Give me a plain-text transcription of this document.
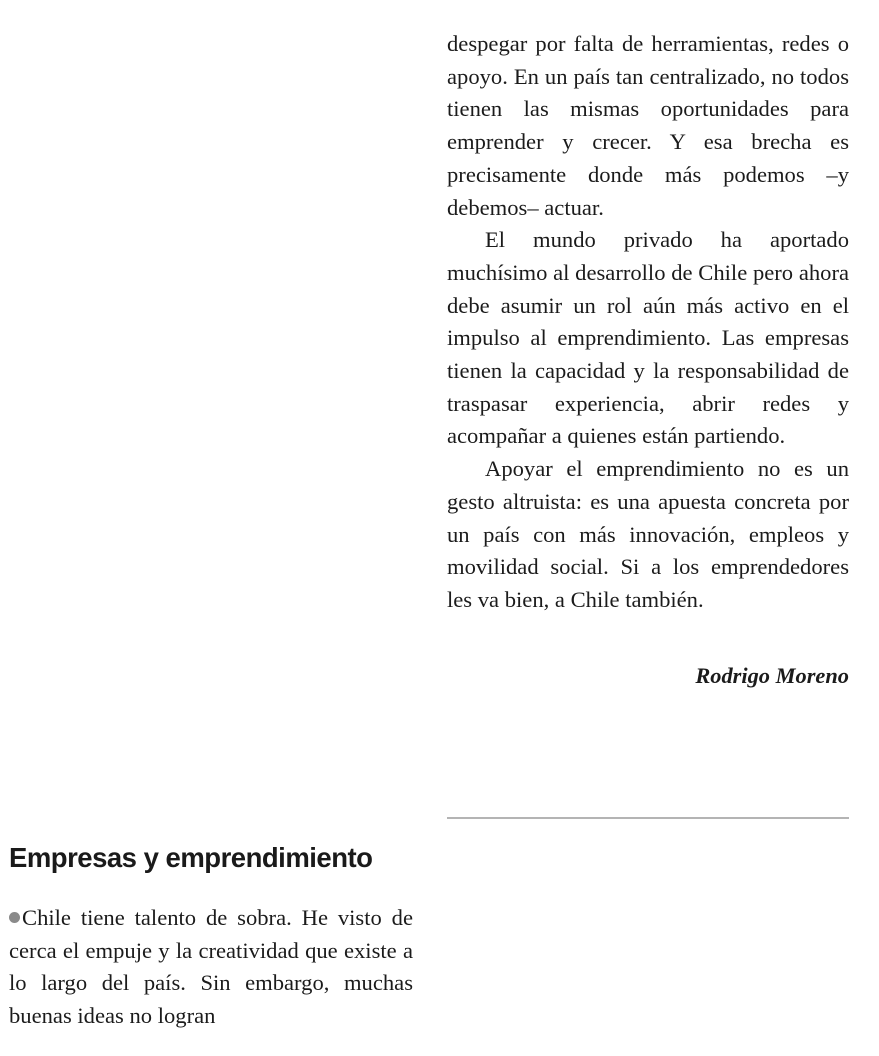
despegar por falta de herramientas, redes o apoyo. En un país tan centralizado, no todos tienen las mismas oportunidades para emprender y crecer. Y esa brecha es precisamente donde más podemos –y debemos– actuar.

El mundo privado ha aportado muchísimo al desarrollo de Chile pero ahora debe asumir un rol aún más activo en el impulso al emprendimiento. Las empresas tienen la capacidad y la responsabilidad de traspasar experiencia, abrir redes y acompañar a quienes están partiendo.

Apoyar el emprendimiento no es un gesto altruista: es una apuesta concreta por un país con más innovación, empleos y movilidad social. Si a los emprendedores les va bien, a Chile también.

Rodrigo Moreno
Empresas y emprendimiento

Chile tiene talento de sobra. He visto de cerca el empuje y la creatividad que existe a lo largo del país. Sin embargo, muchas buenas ideas no logran
